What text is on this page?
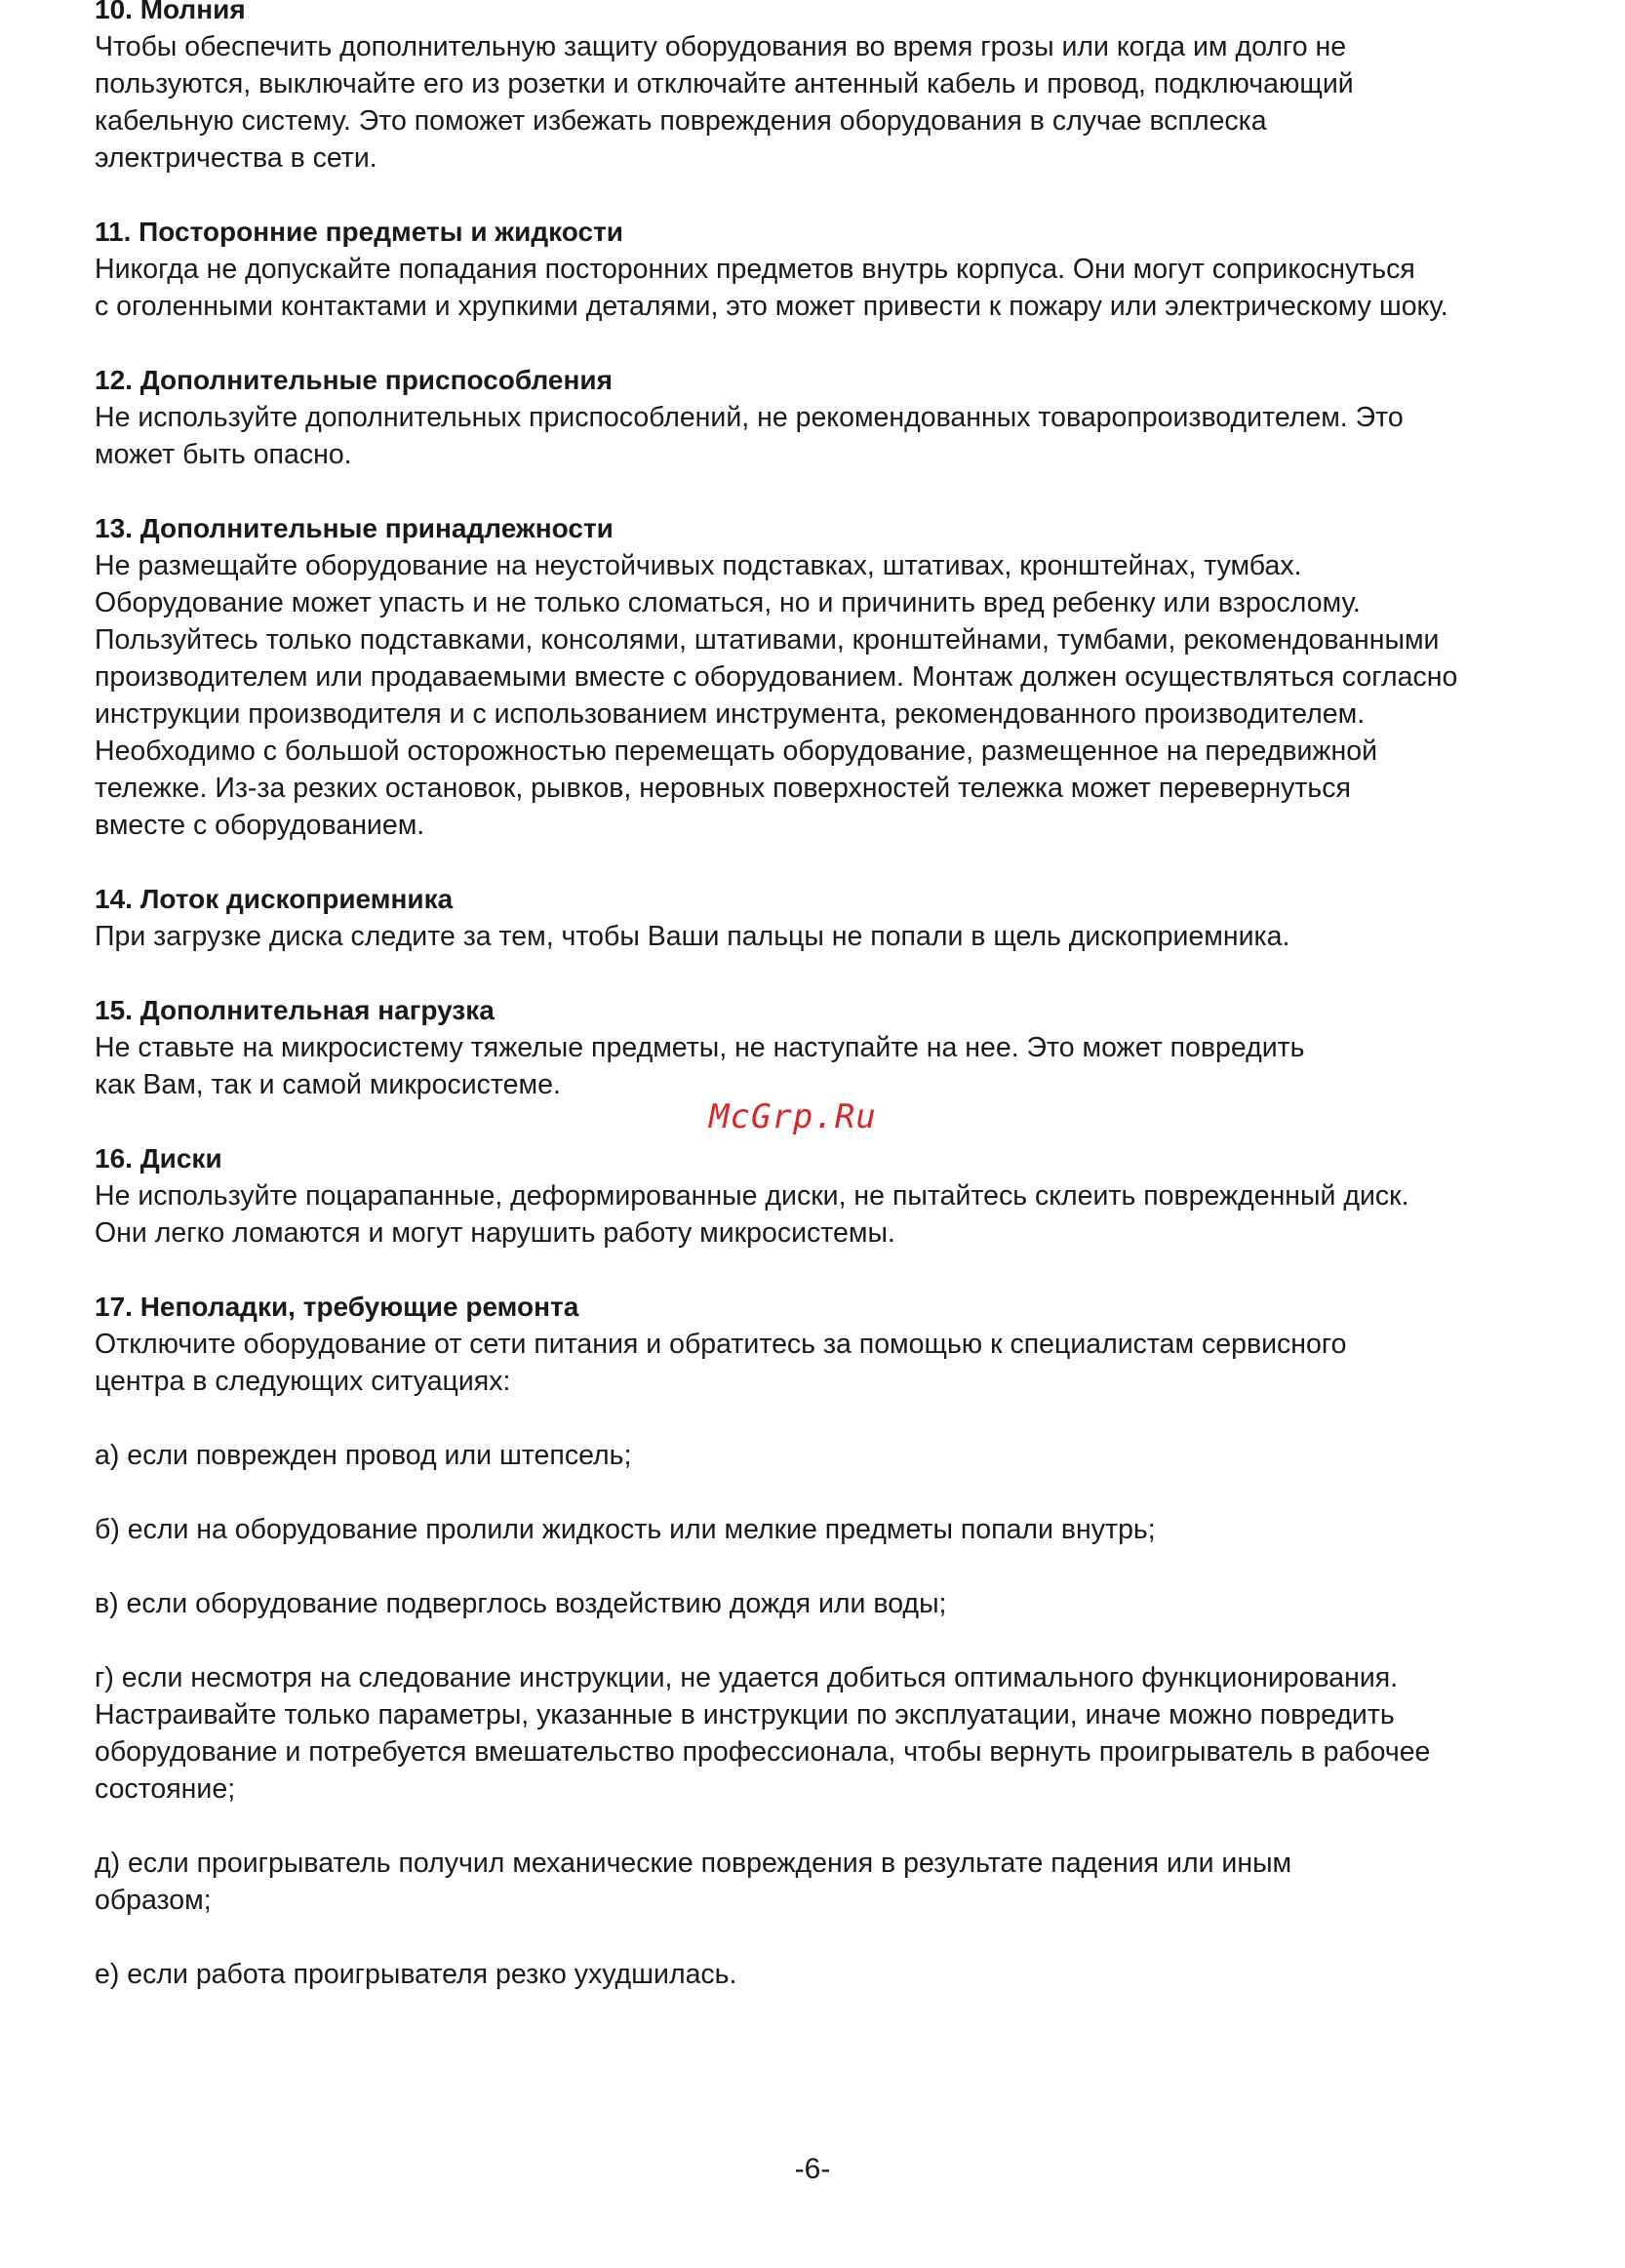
10. Молния

Чтобы обеспечить дополнительную защиту оборудования во время грозы или когда им долго не

пользуются, выключайте его из розетки и отключайте антенный кабель и провод, подключающий

кабельную систему. Это поможет избежать повреждения оборудования в случае всплеска

электричества в сети.

11. Посторонние предметы и жидкости

Никогда не допускайте попадания посторонних предметов внутрь корпуса. Они могут соприкоснуться

с оголенными контактами и хрупкими деталями, это может привести к пожару или электрическому шоку.

12. Дополнительные приспособления

Не используйте дополнительных приспособлений, не рекомендованных товаропроизводителем. Это

может быть опасно.

13. Дополнительные принадлежности

Не размещайте оборудование на неустойчивых подставках, штативах, кронштейнах, тумбах.

Оборудование может упасть и не только сломаться, но и причинить вред ребенку или взрослому.

Пользуйтесь только подставками, консолями, штативами, кронштейнами, тумбами, рекомендованными

производителем или продаваемыми вместе с оборудованием. Монтаж должен осуществляться согласно

инструкции производителя и с использованием инструмента, рекомендованного производителем.

Необходимо с большой осторожностью перемещать оборудование, размещенное на передвижной

тележке. Из-за резких остановок, рывков, неровных поверхностей тележка может перевернуться

вместе с оборудованием.

14. Лоток дископриемника

При загрузке диска следите за тем, чтобы Ваши пальцы не попали в щель дископриемника.

15. Дополнительная нагрузка

Не ставьте на микросистему тяжелые предметы, не наступайте на нее. Это может повредить

как Вам, так и самой микросистеме.

16. Диски

Не используйте поцарапанные, деформированные диски, не пытайтесь склеить поврежденный диск.

Они легко ломаются и могут нарушить работу микросистемы.

17. Неполадки, требующие ремонта

Отключите оборудование от сети питания и обратитесь за помощью к специалистам сервисного

центра в следующих ситуациях:

а) если поврежден провод или штепсель;

б) если на оборудование пролили жидкость или мелкие предметы попали внутрь;

в) если оборудование подверглось воздействию дождя или воды;

г) если несмотря на следование инструкции, не удается добиться оптимального функционирования.

Настраивайте только параметры, указанные в инструкции по эксплуатации, иначе можно повредить

оборудование и потребуется вмешательство профессионала, чтобы вернуть проигрыватель в рабочее

состояние;

д) если проигрыватель получил механические повреждения в результате падения или иным

образом;

е) если работа проигрывателя резко ухудшилась.

McGrp.Ru
-6-
